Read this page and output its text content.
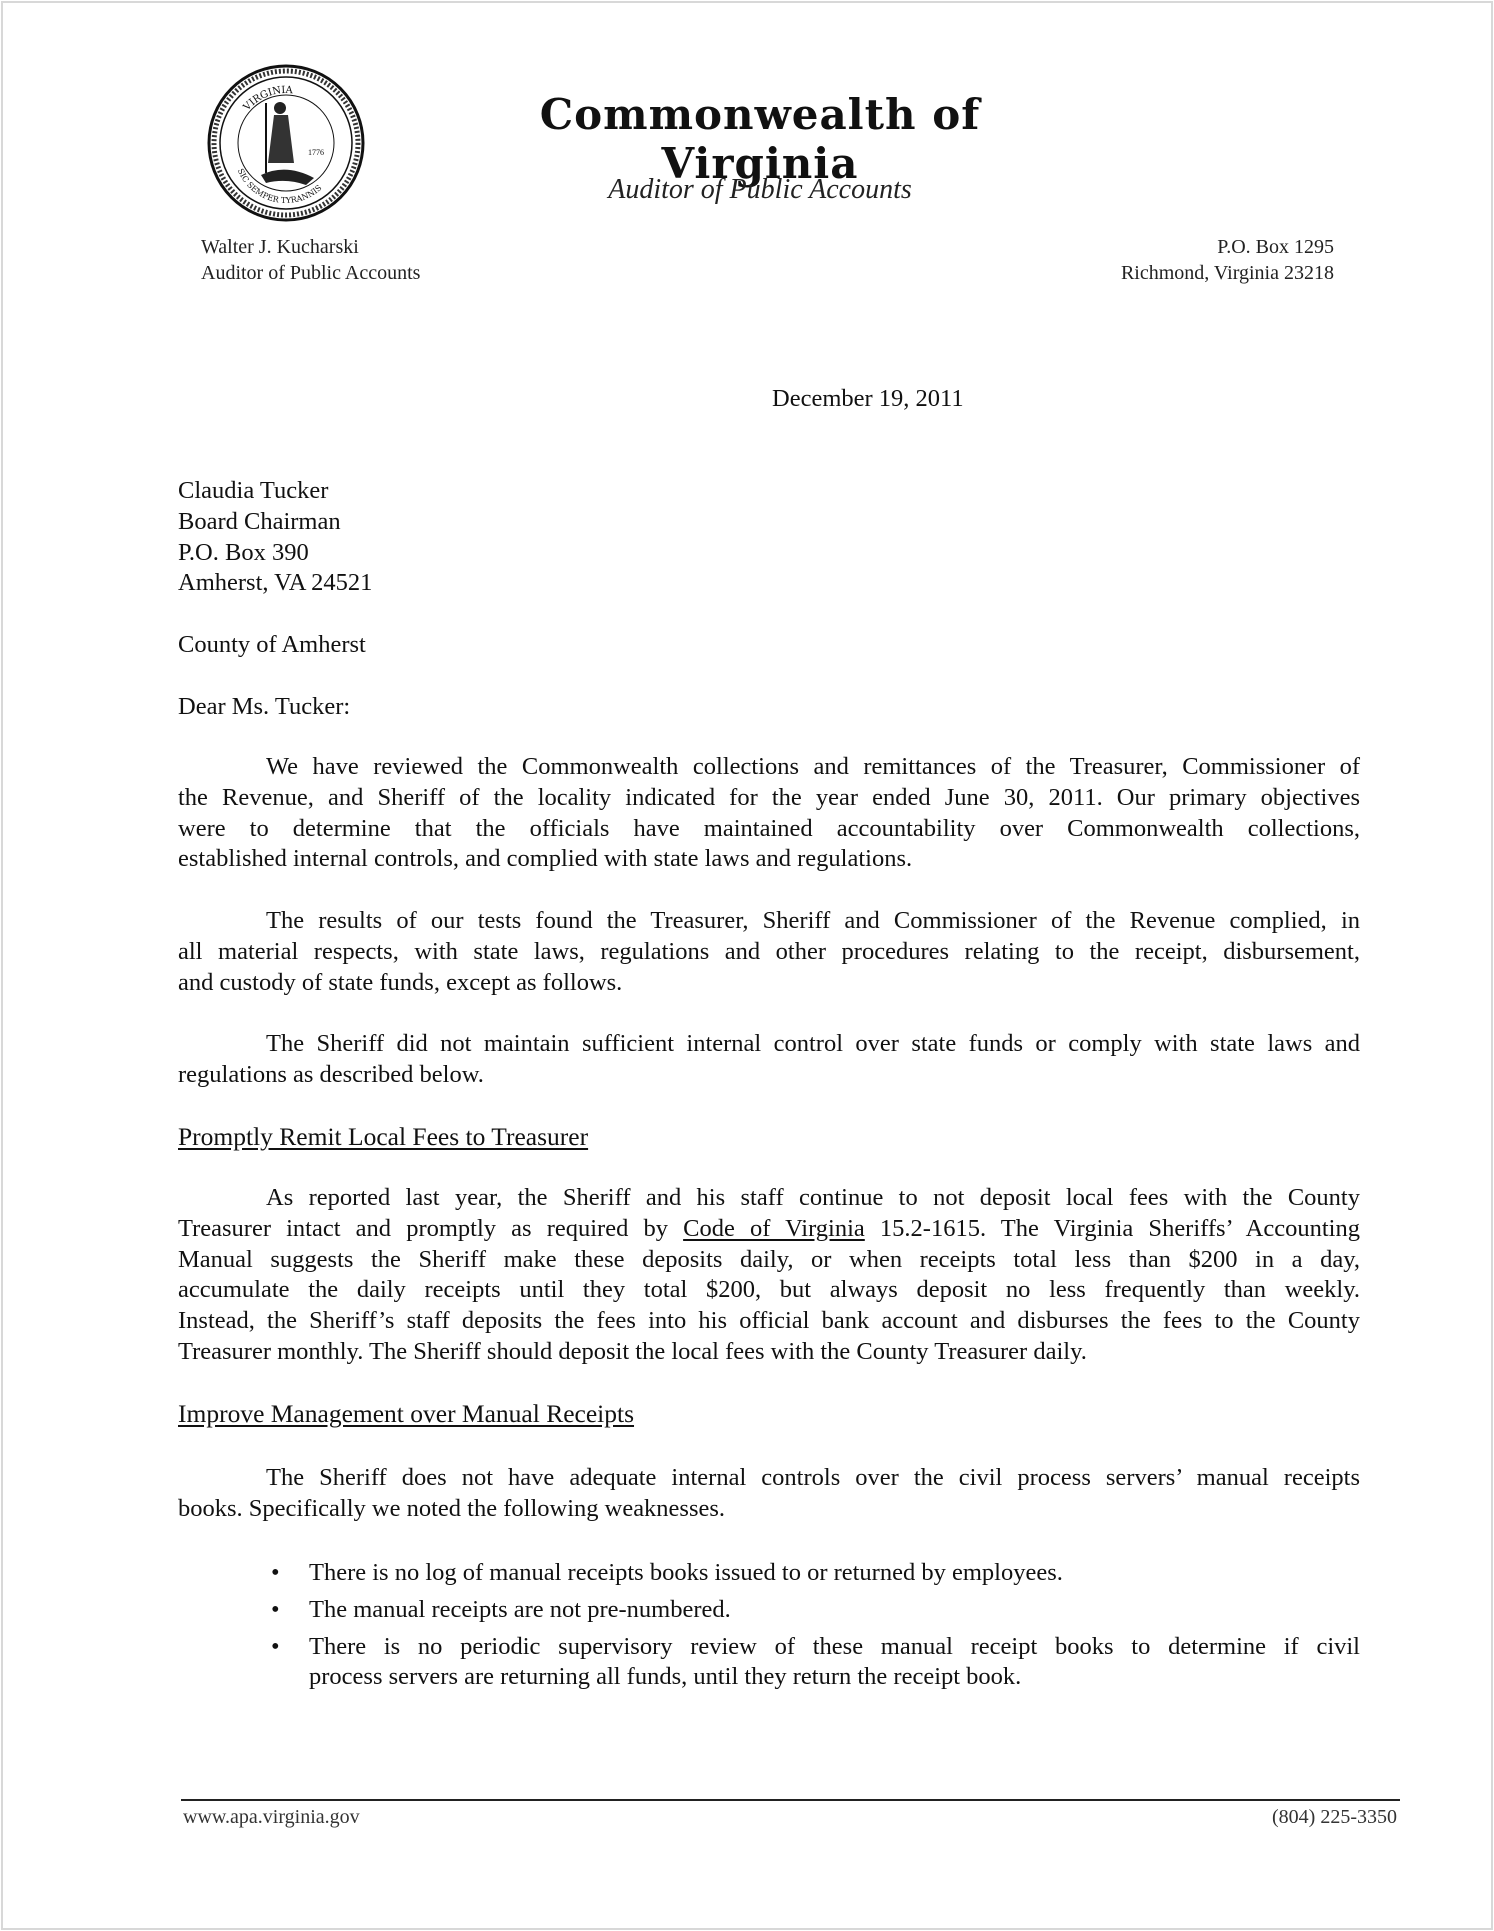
VIRGINIA
SIC SEMPER TYRANNIS
1776
Commonwealth of Virginia
Auditor of Public Accounts
Walter J. Kucharski
Auditor of Public Accounts
P.O. Box 1295
Richmond, Virginia 23218
December 19, 2011
Claudia Tucker
Board Chairman
P.O. Box 390
Amherst, VA 24521
County of Amherst
Dear Ms. Tucker:
We have reviewed the Commonwealth collections and remittances of the Treasurer, Commissioner of
the Revenue, and Sheriff of the locality indicated for the year ended June 30, 2011. Our primary objectives
were to determine that the officials have maintained accountability over Commonwealth collections,
established internal controls, and complied with state laws and regulations.
The results of our tests found the Treasurer, Sheriff and Commissioner of the Revenue complied, in
all material respects, with state laws, regulations and other procedures relating to the receipt, disbursement,
and custody of state funds, except as follows.
The Sheriff did not maintain sufficient internal control over state funds or comply with state laws and
regulations as described below.
Promptly Remit Local Fees to Treasurer
As reported last year, the Sheriff and his staff continue to not deposit local fees with the County
Treasurer intact and promptly as required by Code of Virginia 15.2-1615. The Virginia Sheriffs’ Accounting
Manual suggests the Sheriff make these deposits daily, or when receipts total less than $200 in a day,
accumulate the daily receipts until they total $200, but always deposit no less frequently than weekly.
Instead, the Sheriff’s staff deposits the fees into his official bank account and disburses the fees to the County
Treasurer monthly. The Sheriff should deposit the local fees with the County Treasurer daily.
Improve Management over Manual Receipts
The Sheriff does not have adequate internal controls over the civil process servers’ manual receipts
books. Specifically we noted the following weaknesses.
• There is no log of manual receipts books issued to or returned by employees.
• The manual receipts are not pre-numbered.
• There is no periodic supervisory review of these manual receipt books to determine if civil
process servers are returning all funds, until they return the receipt book.
www.apa.virginia.gov	(804) 225-3350
